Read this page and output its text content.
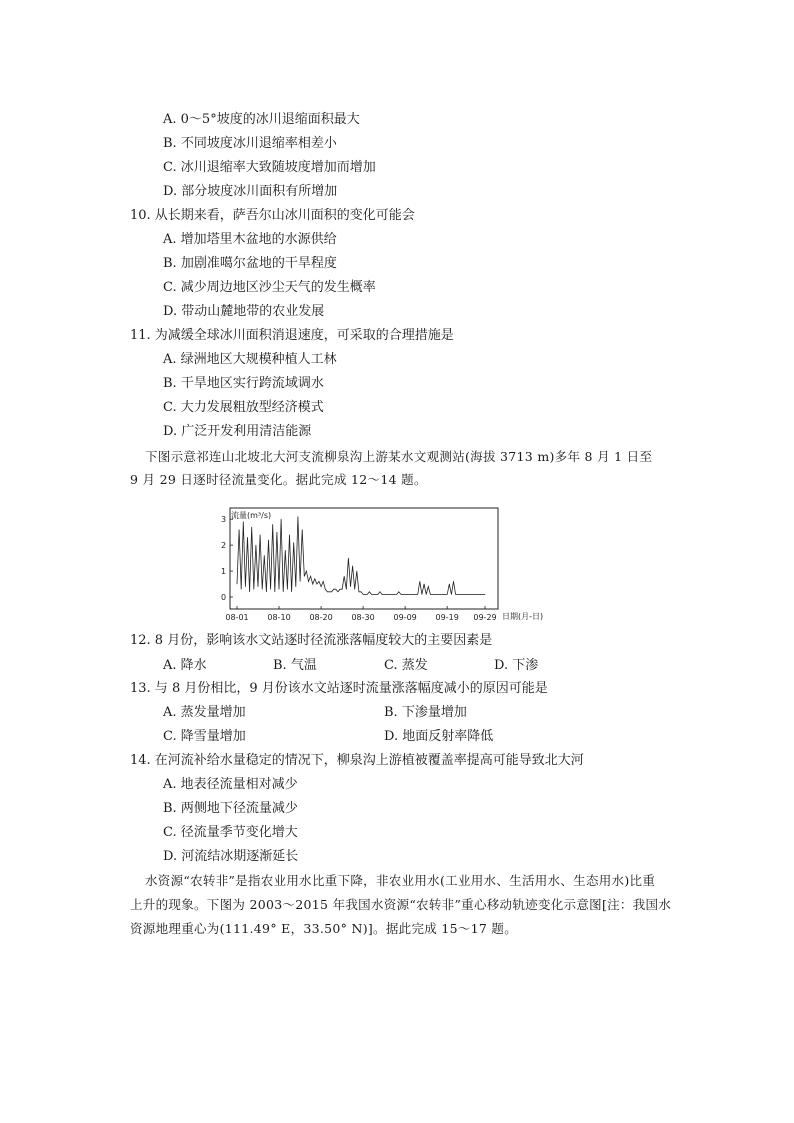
A. 0～5°坡度的冰川退缩面积最大
B. 不同坡度冰川退缩率相差小
C. 冰川退缩率大致随坡度增加而增加
D. 部分坡度冰川面积有所增加
10. 从长期来看，萨吾尔山冰川面积的变化可能会
A. 增加塔里木盆地的水源供给
B. 加剧准噶尔盆地的干旱程度
C. 减少周边地区沙尘天气的发生概率
D. 带动山麓地带的农业发展
11. 为减缓全球冰川面积消退速度，可采取的合理措施是
A. 绿洲地区大规模种植人工林
B. 干旱地区实行跨流域调水
C. 大力发展粗放型经济模式
D. 广泛开发利用清洁能源
下图示意祁连山北坡北大河支流柳泉沟上游某水文观测站(海拔 3713 m)多年 8 月 1 日至
9 月 29 日逐时径流量变化。据此完成 12～14 题。
流量(m³/s)
日期(月-日)
0
1
2
3
08-01 08-10 08-20 08-30 09-09 09-19 09-29
12. 8 月份，影响该水文站逐时径流涨落幅度较大的主要因素是
A. 降水	B. 气温	C. 蒸发	D. 下渗
13. 与 8 月份相比，9 月份该水文站逐时流量涨落幅度减小的原因可能是
A. 蒸发量增加	B. 下渗量增加
C. 降雪量增加	D. 地面反射率降低
14. 在河流补给水量稳定的情况下，柳泉沟上游植被覆盖率提高可能导致北大河
A. 地表径流量相对减少
B. 两侧地下径流量减少
C. 径流量季节变化增大
D. 河流结冰期逐渐延长
水资源“农转非”是指农业用水比重下降，非农业用水(工业用水、生活用水、生态用水)比重
上升的现象。下图为 2003～2015 年我国水资源“农转非”重心移动轨迹变化示意图[注：我国水
资源地理重心为(111.49° E，33.50° N)]。据此完成 15～17 题。
